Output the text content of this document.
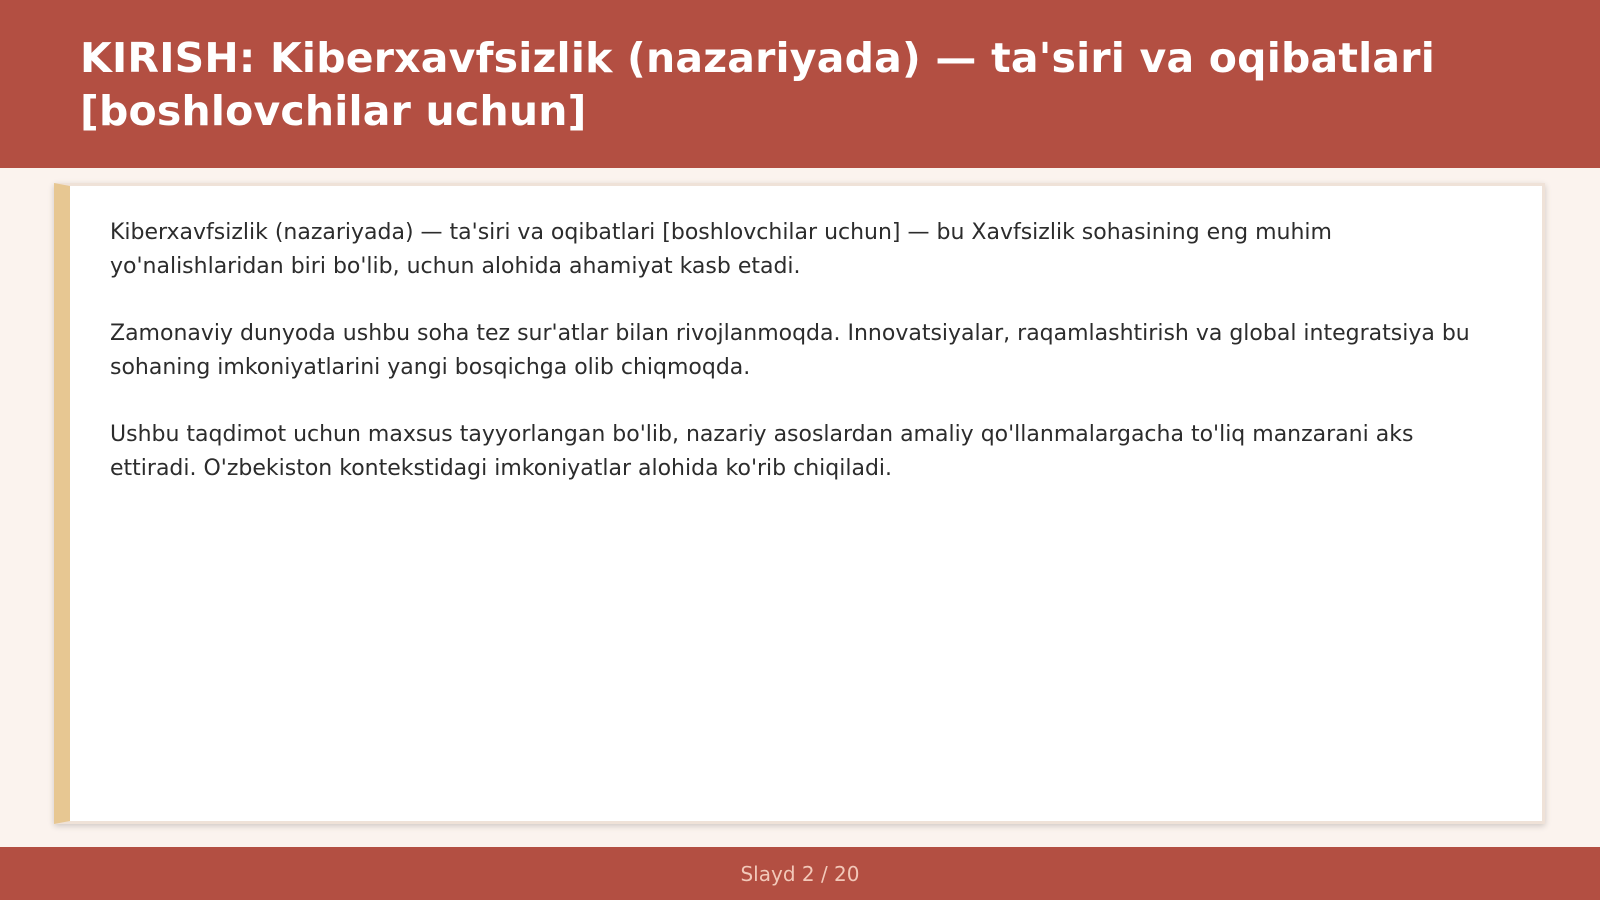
KIRISH: Kiberxavfsizlik (nazariyada) — ta'siri va oqibatlari [boshlovchilar uchun]

Kiberxavfsizlik (nazariyada) — ta'siri va oqibatlari [boshlovchilar uchun] — bu Xavfsizlik sohasining eng muhim yo'nalishlaridan biri bo'lib, uchun alohida ahamiyat kasb etadi.

Zamonaviy dunyoda ushbu soha tez sur'atlar bilan rivojlanmoqda. Innovatsiyalar, raqamlashtirish va global integratsiya bu sohaning imkoniyatlarini yangi bosqichga olib chiqmoqda.

Ushbu taqdimot uchun maxsus tayyorlangan bo'lib, nazariy asoslardan amaliy qo'llanmalargacha to'liq manzarani aks ettiradi. O'zbekiston kontekstidagi imkoniyatlar alohida ko'rib chiqiladi.

Slayd 2 / 20
